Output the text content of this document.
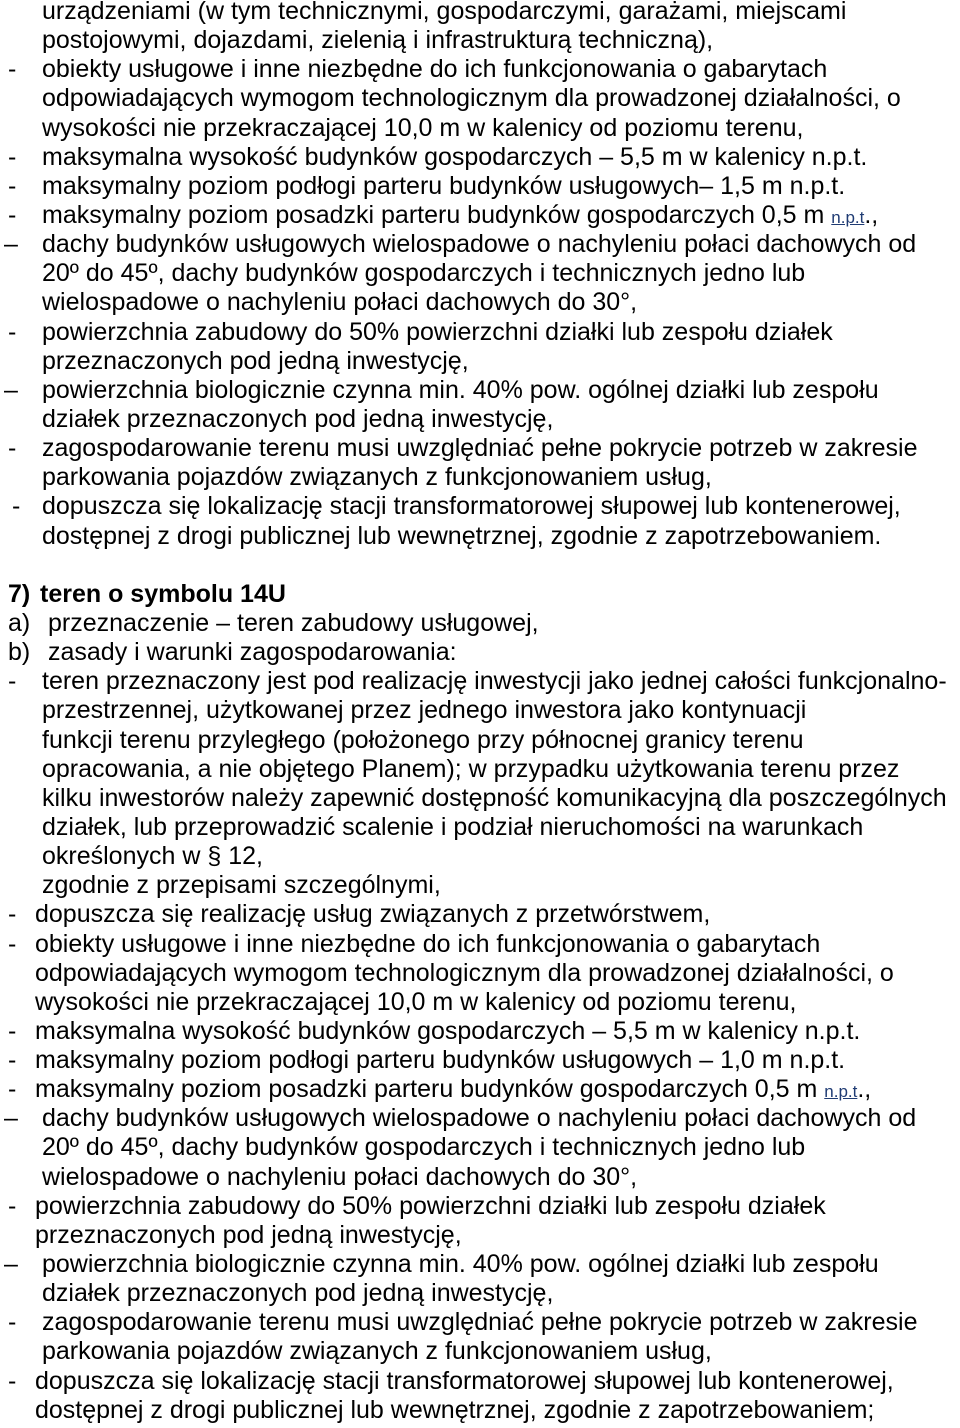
urządzeniami (w tym technicznymi, gospodarczymi, garażami, miejscami
postojowymi, dojazdami, zielenią i infrastrukturą techniczną),
- obiekty usługowe i inne niezbędne do ich funkcjonowania o gabarytach
odpowiadających wymogom technologicznym dla prowadzonej działalności, o
wysokości nie przekraczającej 10,0 m w kalenicy od poziomu terenu,
- maksymalna wysokość budynków gospodarczych – 5,5 m w kalenicy n.p.t.
- maksymalny poziom podłogi parteru budynków usługowych– 1,5 m n.p.t.
- maksymalny poziom posadzki parteru budynków gospodarczych 0,5 m n.p.t.,
– dachy budynków usługowych wielospadowe o nachyleniu połaci dachowych od
20º do 45º, dachy budynków gospodarczych i technicznych jedno lub
wielospadowe o nachyleniu połaci dachowych do 30°,
- powierzchnia zabudowy do 50% powierzchni działki lub zespołu działek
przeznaczonych pod jedną inwestycję,
– powierzchnia biologicznie czynna min. 40% pow. ogólnej działki lub zespołu
działek przeznaczonych pod jedną inwestycję,
- zagospodarowanie terenu musi uwzględniać pełne pokrycie potrzeb w zakresie
parkowania pojazdów związanych z funkcjonowaniem usług,
- dopuszcza się lokalizację stacji transformatorowej słupowej lub kontenerowej,
dostępnej z drogi publicznej lub wewnętrznej, zgodnie z zapotrzebowaniem.
7) teren o symbolu 14U
a) przeznaczenie – teren zabudowy usługowej,
b) zasady i warunki zagospodarowania:
- teren przeznaczony jest pod realizację inwestycji jako jednej całości funkcjonalno-
przestrzennej, użytkowanej przez jednego inwestora jako kontynuacji
funkcji terenu przyległego (położonego przy północnej granicy terenu
opracowania, a nie objętego Planem); w przypadku użytkowania terenu przez
kilku inwestorów należy zapewnić dostępność komunikacyjną dla poszczególnych
działek, lub przeprowadzić scalenie i podział nieruchomości na warunkach
określonych w § 12,
zgodnie z przepisami szczególnymi,
- dopuszcza się realizację usług związanych z przetwórstwem,
- obiekty usługowe i inne niezbędne do ich funkcjonowania o gabarytach
odpowiadających wymogom technologicznym dla prowadzonej działalności, o
wysokości nie przekraczającej 10,0 m w kalenicy od poziomu terenu,
- maksymalna wysokość budynków gospodarczych – 5,5 m w kalenicy n.p.t.
- maksymalny poziom podłogi parteru budynków usługowych – 1,0 m n.p.t.
- maksymalny poziom posadzki parteru budynków gospodarczych 0,5 m n.p.t.,
– dachy budynków usługowych wielospadowe o nachyleniu połaci dachowych od
20º do 45º, dachy budynków gospodarczych i technicznych jedno lub
wielospadowe o nachyleniu połaci dachowych do 30°,
- powierzchnia zabudowy do 50% powierzchni działki lub zespołu działek
przeznaczonych pod jedną inwestycję,
– powierzchnia biologicznie czynna min. 40% pow. ogólnej działki lub zespołu
działek przeznaczonych pod jedną inwestycję,
- zagospodarowanie terenu musi uwzględniać pełne pokrycie potrzeb w zakresie
parkowania pojazdów związanych z funkcjonowaniem usług,
- dopuszcza się lokalizację stacji transformatorowej słupowej lub kontenerowej,
dostępnej z drogi publicznej lub wewnętrznej, zgodnie z zapotrzebowaniem;
